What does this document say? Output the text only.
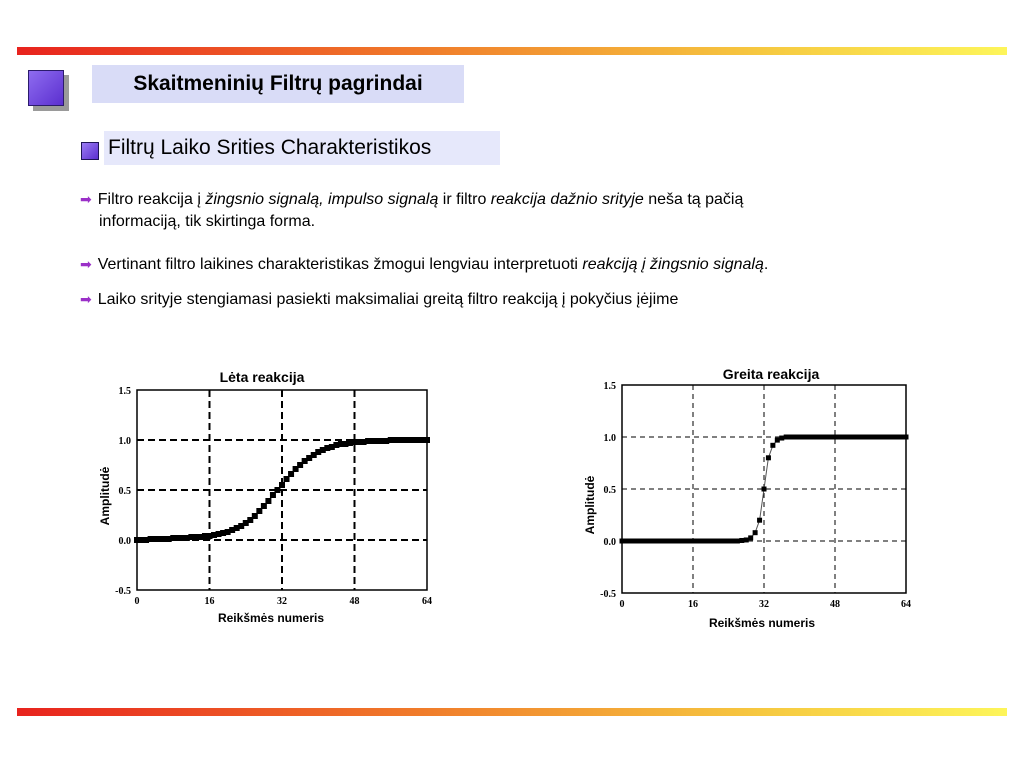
Skaitmeninių Filtrų pagrindai
Filtrų Laiko Srities Charakteristikos
➡ Filtro reakcija į žingsnio signalą, impulso signalą ir filtro reakcija dažnio srityje neša tą pačią
informaciją, tik skirtinga forma.
➡ Vertinant filtro laikines charakteristikas žmogui lengviau interpretuoti reakciją į žingsnio signalą.
➡ Laiko srityje stengiamasi pasiekti maksimaliai greitą filtro reakciją į pokyčius įėjime
Lėta reakcija
Amplitudė
Reikšmės numeris
0	16	32	48	64
-0.5
0.0
0.5
1.0
1.5
Greita reakcija
Amplitudė
Reikšmės numeris
0	16	32	48	64
-0.5
0.0
0.5
1.0
1.5
